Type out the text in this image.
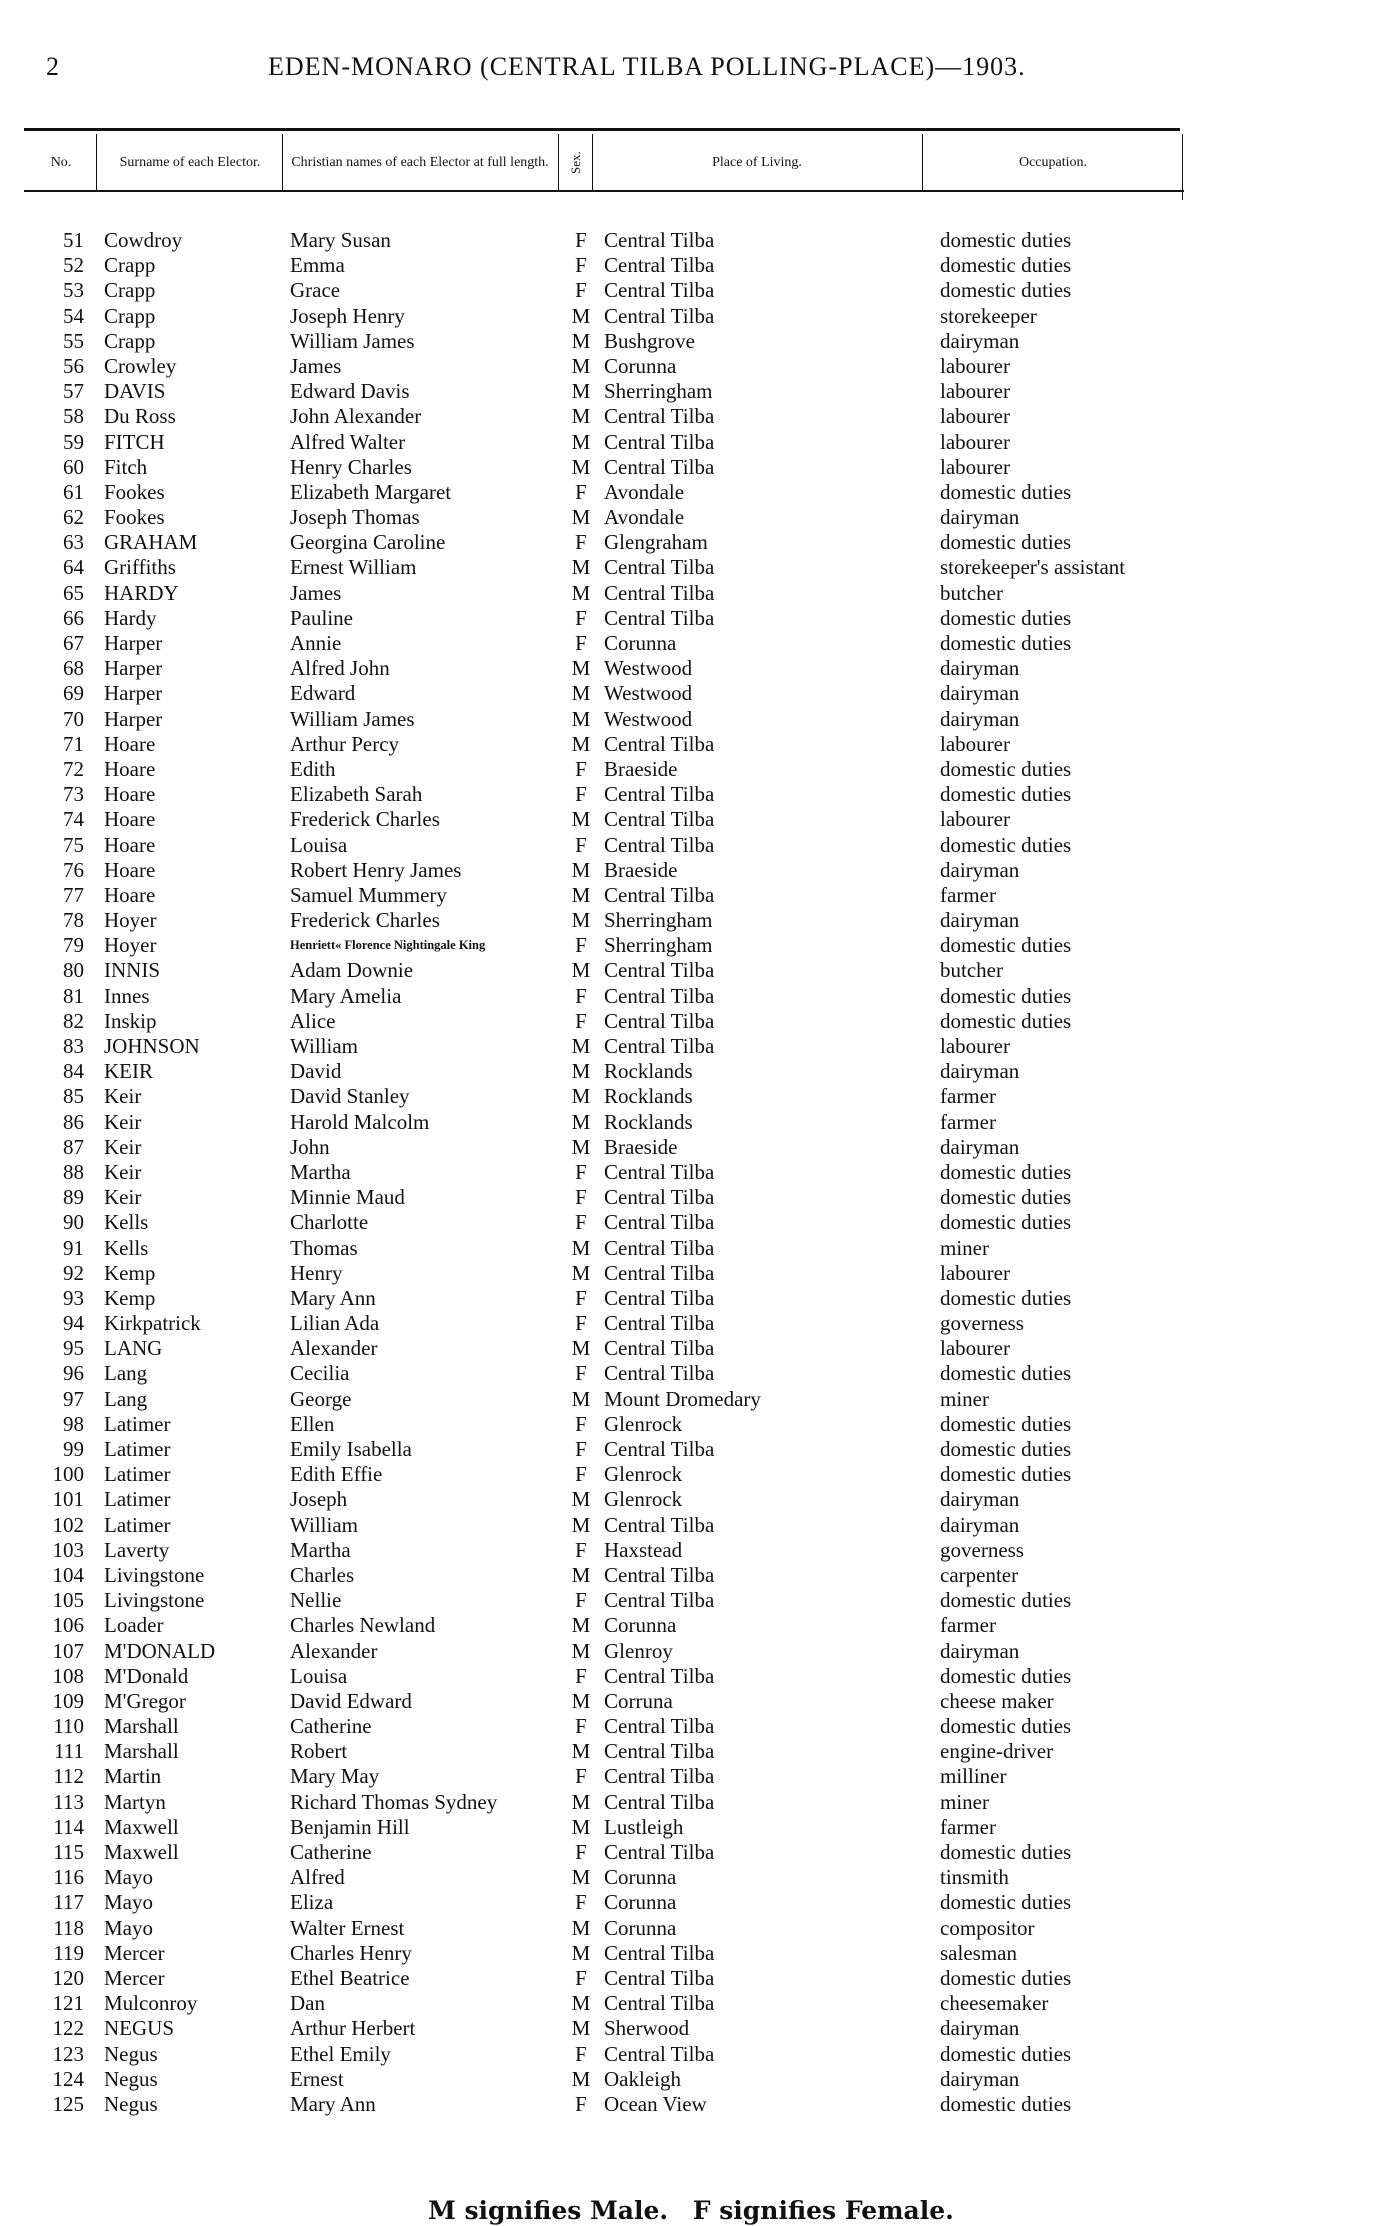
2	EDEN-MONARO (CENTRAL TILBA POLLING-PLACE)—1903.
No.	Surname of each Elector.	Christian names of each Elector at full length.	Sex.	Place of Living.	Occupation.
51 Cowdroy	Mary Susan	F Central Tilba	domestic duties
52 Crapp	Emma	F Central Tilba	domestic duties
53 Crapp	Grace	F Central Tilba	domestic duties
54 Crapp	Joseph Henry	M Central Tilba	storekeeper
55 Crapp	William James	M Bushgrove	dairyman
56 Crowley	James	M Corunna	labourer
57 DAVIS	Edward Davis	M Sherringham	labourer
58 Du Ross	John Alexander	M Central Tilba	labourer
59 FITCH	Alfred Walter	M Central Tilba	labourer
60 Fitch	Henry Charles	M Central Tilba	labourer
61 Fookes	Elizabeth Margaret	F Avondale	domestic duties
62 Fookes	Joseph Thomas	M Avondale	dairyman
63 GRAHAM	Georgina Caroline	F Glengraham	domestic duties
64 Griffiths	Ernest William	M Central Tilba	storekeeper's assistant
65 HARDY	James	M Central Tilba	butcher
66 Hardy	Pauline	F Central Tilba	domestic duties
67 Harper	Annie	F Corunna	domestic duties
68 Harper	Alfred John	M Westwood	dairyman
69 Harper	Edward	M Westwood	dairyman
70 Harper	William James	M Westwood	dairyman
71 Hoare	Arthur Percy	M Central Tilba	labourer
72 Hoare	Edith	F Braeside	domestic duties
73 Hoare	Elizabeth Sarah	F Central Tilba	domestic duties
74 Hoare	Frederick Charles	M Central Tilba	labourer
75 Hoare	Louisa	F Central Tilba	domestic duties
76 Hoare	Robert Henry James	M Braeside	dairyman
77 Hoare	Samuel Mummery	M Central Tilba	farmer
78 Hoyer	Frederick Charles	M Sherringham	dairyman
79 Hoyer	Henriett« Florence Nightingale King	F Sherringham	domestic duties
80 INNIS	Adam Downie	M Central Tilba	butcher
81 Innes	Mary Amelia	F Central Tilba	domestic duties
82 Inskip	Alice	F Central Tilba	domestic duties
83 JOHNSON	William	M Central Tilba	labourer
84 KEIR	David	M Rocklands	dairyman
85 Keir	David Stanley	M Rocklands	farmer
86 Keir	Harold Malcolm	M Rocklands	farmer
87 Keir	John	M Braeside	dairyman
88 Keir	Martha	F Central Tilba	domestic duties
89 Keir	Minnie Maud	F Central Tilba	domestic duties
90 Kells	Charlotte	F Central Tilba	domestic duties
91 Kells	Thomas	M Central Tilba	miner
92 Kemp	Henry	M Central Tilba	labourer
93 Kemp	Mary Ann	F Central Tilba	domestic duties
94 Kirkpatrick	Lilian Ada	F Central Tilba	governess
95 LANG	Alexander	M Central Tilba	labourer
96 Lang	Cecilia	F Central Tilba	domestic duties
97 Lang	George	M Mount Dromedary	miner
98 Latimer	Ellen	F Glenrock	domestic duties
99 Latimer	Emily Isabella	F Central Tilba	domestic duties
100 Latimer	Edith Effie	F Glenrock	domestic duties
101 Latimer	Joseph	M Glenrock	dairyman
102 Latimer	William	M Central Tilba	dairyman
103 Laverty	Martha	F Haxstead	governess
104 Livingstone	Charles	M Central Tilba	carpenter
105 Livingstone	Nellie	F Central Tilba	domestic duties
106 Loader	Charles Newland	M Corunna	farmer
107 M'DONALD	Alexander	M Glenroy	dairyman
108 M'Donald	Louisa	F Central Tilba	domestic duties
109 M'Gregor	David Edward	M Corruna	cheese maker
110 Marshall	Catherine	F Central Tilba	domestic duties
111 Marshall	Robert	M Central Tilba	engine-driver
112 Martin	Mary May	F Central Tilba	milliner
113 Martyn	Richard Thomas Sydney	M Central Tilba	miner
114 Maxwell	Benjamin Hill	M Lustleigh	farmer
115 Maxwell	Catherine	F Central Tilba	domestic duties
116 Mayo	Alfred	M Corunna	tinsmith
117 Mayo	Eliza	F Corunna	domestic duties
118 Mayo	Walter Ernest	M Corunna	compositor
119 Mercer	Charles Henry	M Central Tilba	salesman
120 Mercer	Ethel Beatrice	F Central Tilba	domestic duties
121 Mulconroy	Dan	M Central Tilba	cheesemaker
122 NEGUS	Arthur Herbert	M Sherwood	dairyman
123 Negus	Ethel Emily	F Central Tilba	domestic duties
124 Negus	Ernest	M Oakleigh	dairyman
125 Negus	Mary Ann	F Ocean View	domestic duties
M signifies Male. F signifies Female.
